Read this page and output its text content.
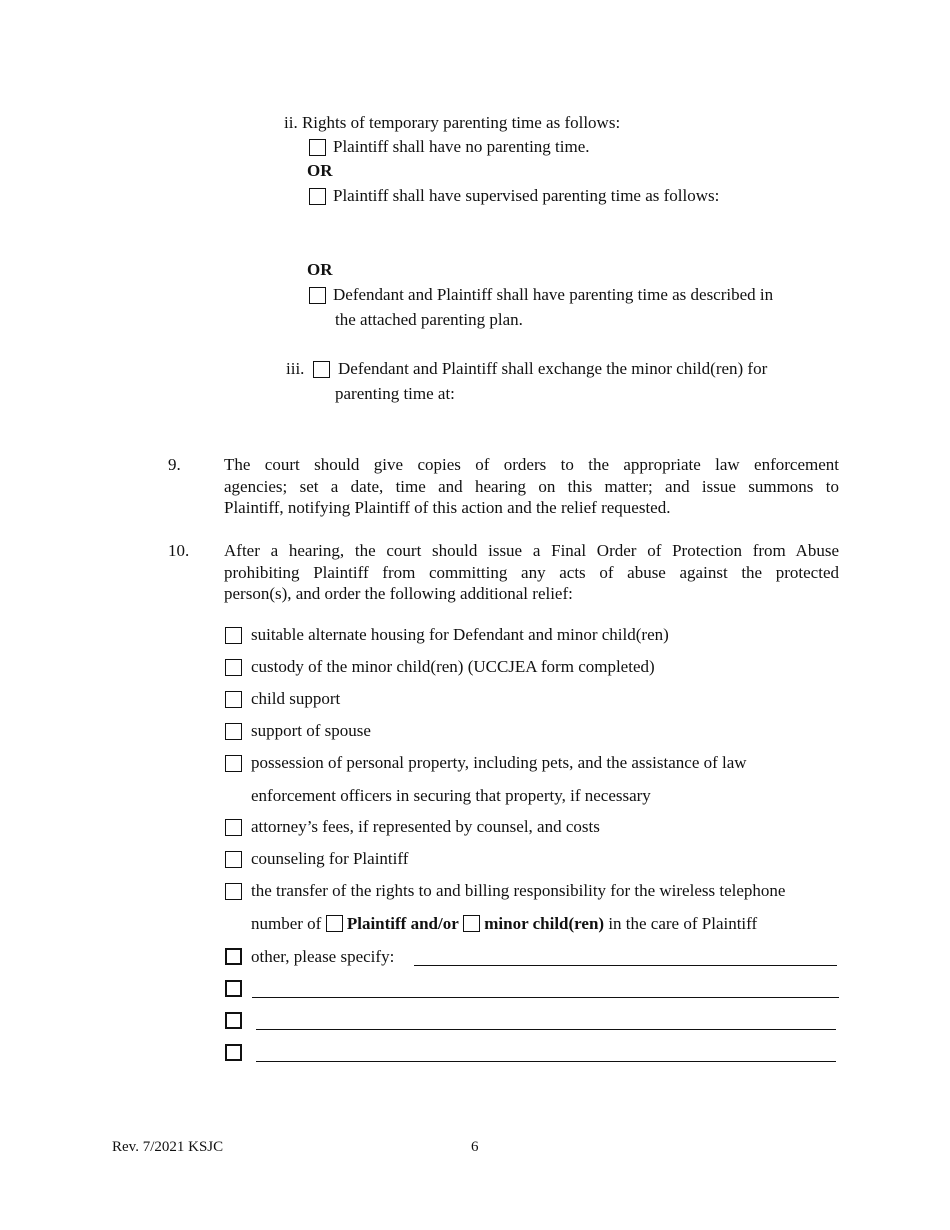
ii. Rights of temporary parenting time as follows:
Plaintiff shall have no parenting time.
OR
Plaintiff shall have supervised parenting time as follows:
OR
Defendant and Plaintiff shall have parenting time as described in
the attached parenting plan.
iii. Defendant and Plaintiff shall exchange the minor child(ren) for
parenting time at:
9.	The court should give copies of orders to the appropriate law enforcement
agencies; set a date, time and hearing on this matter; and issue summons to
Plaintiff, notifying Plaintiff of this action and the relief requested.
10. After a hearing, the court should issue a Final Order of Protection from Abuse
prohibiting Plaintiff from committing any acts of abuse against the protected
person(s), and order the following additional relief:
suitable alternate housing for Defendant and minor child(ren)
custody of the minor child(ren) (UCCJEA form completed)
child support
support of spouse
possession of personal property, including pets, and the assistance of law
enforcement officers in securing that property, if necessary
attorney’s fees, if represented by counsel, and costs
counseling for Plaintiff
the transfer of the rights to and billing responsibility for the wireless telephone
number of Plaintiff and/or minor child(ren) in the care of Plaintiff
other, please specify:
Rev. 7/2021 KSJC	6
